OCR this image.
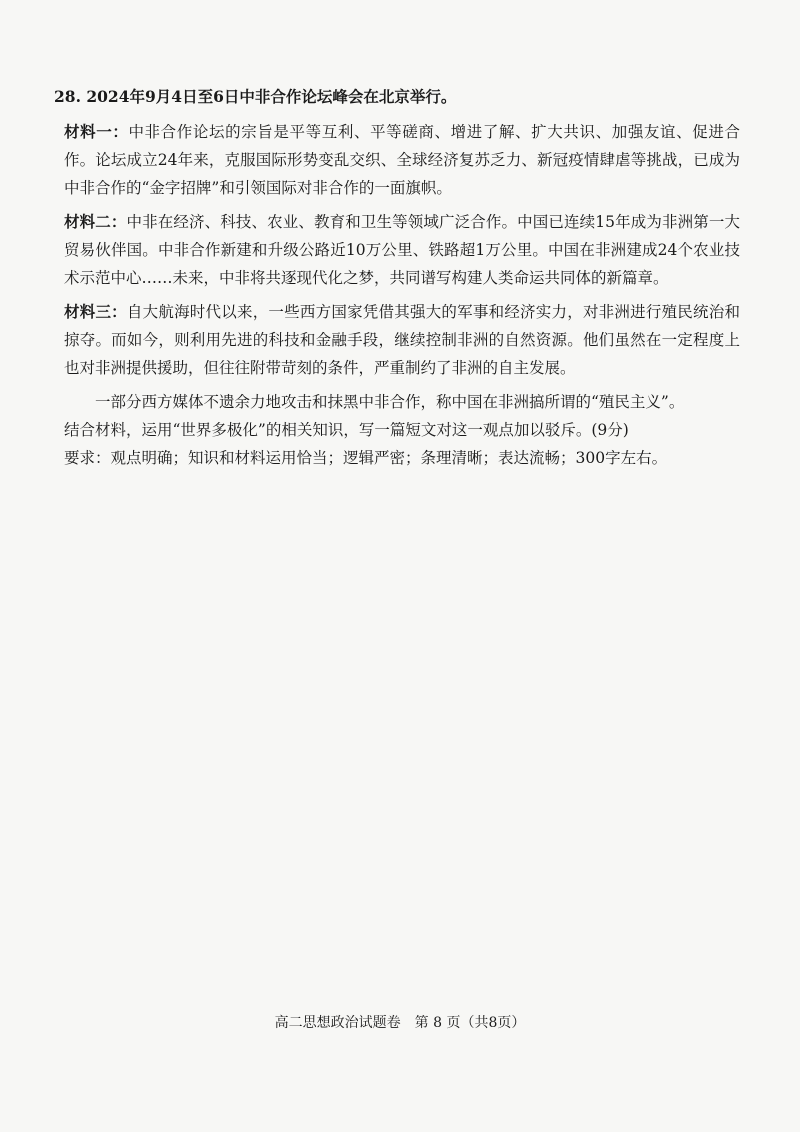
28. 2024年9月4日至6日中非合作论坛峰会在北京举行。

材料一：中非合作论坛的宗旨是平等互利、平等磋商、增进了解、扩大共识、加强友谊、促进合作。论坛成立24年来，克服国际形势变乱交织、全球经济复苏乏力、新冠疫情肆虐等挑战，已成为中非合作的“金字招牌”和引领国际对非合作的一面旗帜。

材料二：中非在经济、科技、农业、教育和卫生等领域广泛合作。中国已连续15年成为非洲第一大贸易伙伴国。中非合作新建和升级公路近10万公里、铁路超1万公里。中国在非洲建成24个农业技术示范中心……未来，中非将共逐现代化之梦，共同谱写构建人类命运共同体的新篇章。

材料三：自大航海时代以来，一些西方国家凭借其强大的军事和经济实力，对非洲进行殖民统治和掠夺。而如今，则利用先进的科技和金融手段，继续控制非洲的自然资源。他们虽然在一定程度上也对非洲提供援助，但往往附带苛刻的条件，严重制约了非洲的自主发展。

一部分西方媒体不遗余力地攻击和抹黑中非合作，称中国在非洲搞所谓的“殖民主义”。

结合材料，运用“世界多极化”的相关知识，写一篇短文对这一观点加以驳斥。(9分)

要求：观点明确；知识和材料运用恰当；逻辑严密；条理清晰；表达流畅；300字左右。

高二思想政治试题卷　第 8 页（共8页）
